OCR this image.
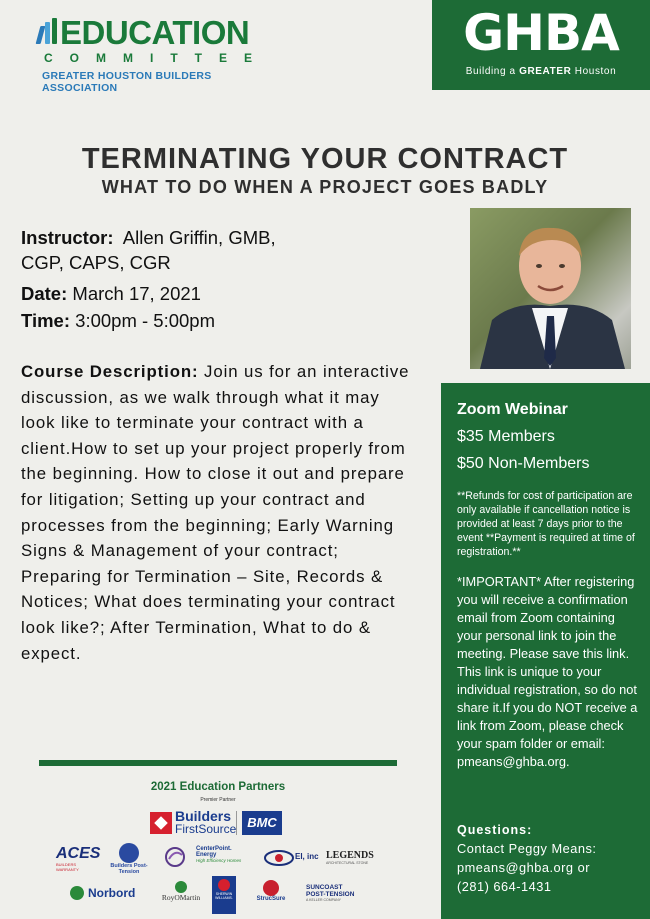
EDUCATION
COMMITTEE
GREATER HOUSTON BUILDERS ASSOCIATION
GHBA
Building a GREATER Houston
TERMINATING YOUR CONTRACT
WHAT TO DO WHEN A PROJECT GOES BADLY
Instructor:  Allen Griffin, GMB,
CGP, CAPS, CGR
Date: March 17, 2021
Time: 3:00pm - 5:00pm
Course Description: Join us for an interactive discussion, as we walk through what it may look like to terminate your contract with a client.How to set up your project properly from the beginning. How to close it out and prepare for litigation; Setting up your contract and processes from the beginning; Early Warning Signs & Management of your contract; Preparing for Termination – Site, Records & Notices; What does terminating your contract look like?; After Termination, What to do & expect.
Zoom Webinar
$35 Members
$50 Non-Members
**Refunds for cost of participation are only available if cancellation notice is provided at least 7 days prior to the event **Payment is required at time of registration.**
*IMPORTANT* After registering you will receive a confirmation email from Zoom containing your personal link to join the meeting. Please save this link. This link is unique to your individual registration, so do not share it.If you do NOT receive a link from Zoom, please check your spam folder or email: pmeans@ghba.org.
Questions:
Contact Peggy Means:
pmeans@ghba.org or
(281) 664-1431
2021 Education Partners
Premier Partner
Builders
FirstSource BMC
ACES
BUILDERS WARRANTY
Builders Post-Tension
CenterPoint.
Energy
High Efficiency Homes	EI, inc LEGENDS
ARCHITECTURAL STONE
Norbord	RoyOMartin	SHERWIN
WILLIAMS.	StrucSure
SUNCOAST
POST-TENSION
A KELLER COMPANY
